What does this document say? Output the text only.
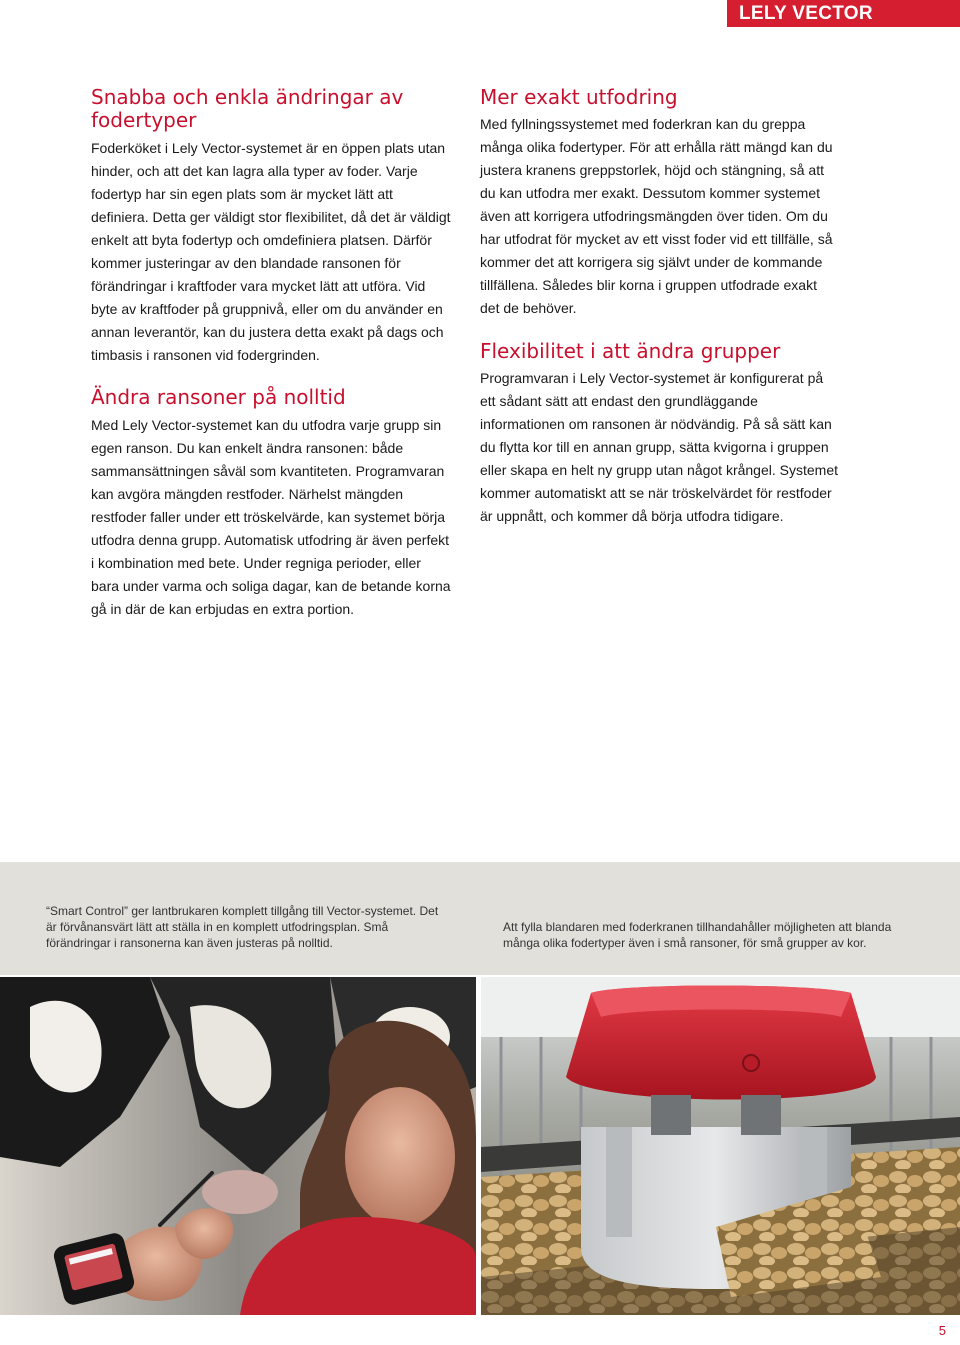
LELY VECTOR
Snabba och enkla ändringar av fodertyper

Foderköket i Lely Vector-systemet är en öppen plats utan hinder, och att det kan lagra alla typer av foder. Varje fodertyp har sin egen plats som är mycket lätt att definiera. Detta ger väldigt stor flexibilitet, då det är väldigt enkelt att byta fodertyp och omdefiniera platsen. Därför kommer justeringar av den blandade ransonen för förändringar i kraftfoder vara mycket lätt att utföra. Vid byte av kraftfoder på gruppnivå, eller om du använder en annan leverantör, kan du justera detta exakt på dags och timbasis i ransonen vid fodergrinden.

Ändra ransoner på nolltid

Med Lely Vector-systemet kan du utfodra varje grupp sin egen ranson. Du kan enkelt ändra ransonen: både sammansättningen såväl som kvantiteten. Programvaran kan avgöra mängden restfoder. Närhelst mängden restfoder faller under ett tröskelvärde, kan systemet börja utfodra denna grupp. Automatisk utfodring är även perfekt i kombination med bete. Under regniga perioder, eller bara under varma och soliga dagar, kan de betande korna gå in där de kan erbjudas en extra portion.

Mer exakt utfodring

Med fyllningssystemet med foderkran kan du greppa många olika fodertyper. För att erhålla rätt mängd kan du justera kranens greppstorlek, höjd och stängning, så att du kan utfodra mer exakt. Dessutom kommer systemet även att korrigera utfodringsmängden över tiden. Om du har utfodrat för mycket av ett visst foder vid ett tillfälle, så kommer det att korrigera sig självt under de kommande tillfällena. Således blir korna i gruppen utfodrade exakt det de behöver.

Flexibilitet i att ändra grupper

Programvaran i Lely Vector-systemet är konfigurerat på ett sådant sätt att endast den grundläggande informationen om ransonen är nödvändig. På så sätt kan du flytta kor till en annan grupp, sätta kvigorna i gruppen eller skapa en helt ny grupp utan något krångel. Systemet kommer automatiskt att se när tröskelvärdet för restfoder är uppnått, och kommer då börja utfodra tidigare.

“Smart Control” ger lantbrukaren komplett tillgång till Vector-systemet. Det är förvånansvärt lätt att ställa in en komplett utfodringsplan. Små förändringar i ransonerna kan även justeras på nolltid.

Att fylla blandaren med foderkranen tillhandahåller möjligheten att blanda många olika fodertyper även i små ransoner, för små grupper av kor.

5
